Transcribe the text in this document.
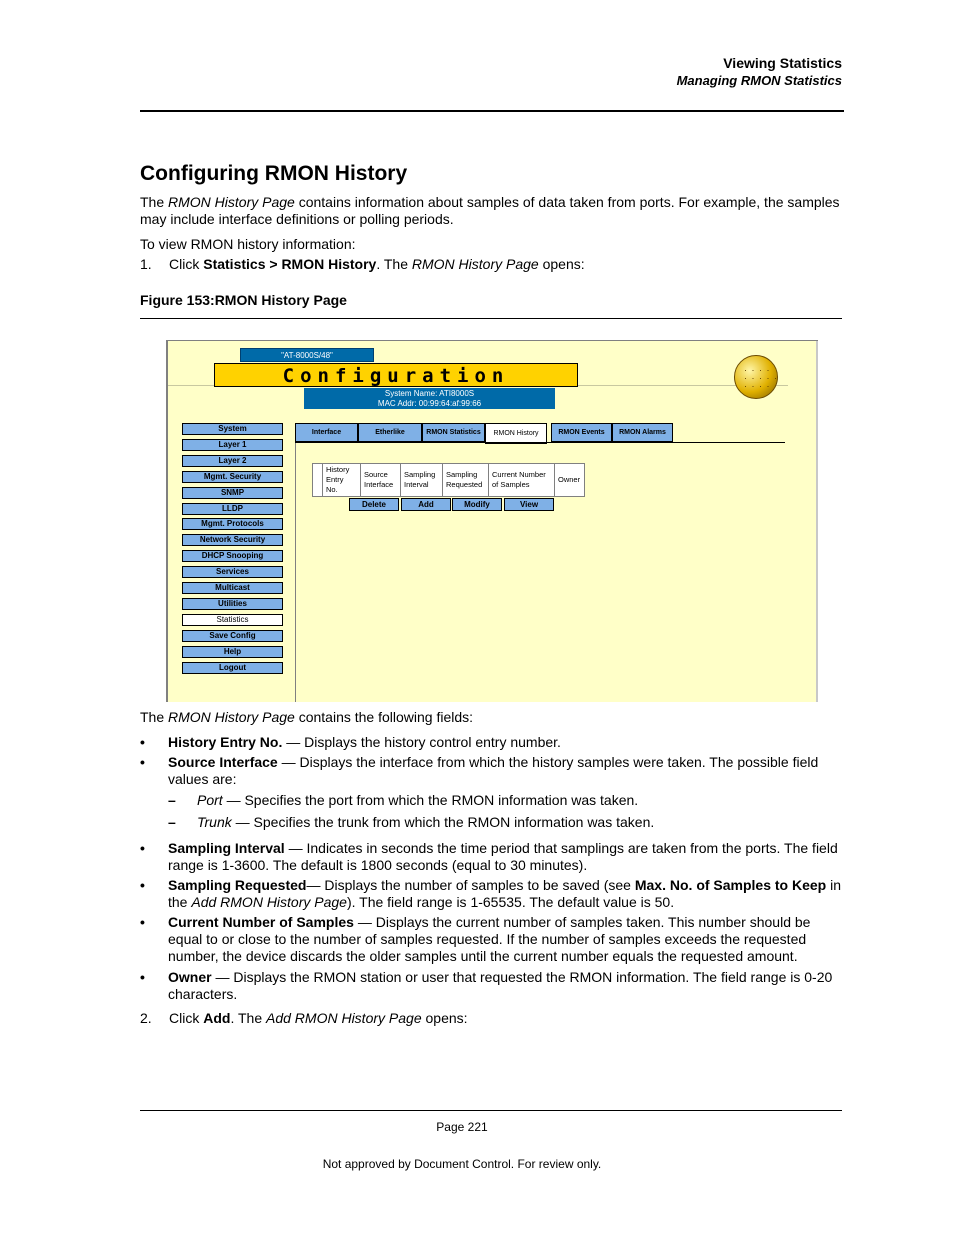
Viewing Statistics
Managing RMON Statistics
Configuring RMON History
The RMON History Page contains information about samples of data taken from ports. For example, the samples may include interface definitions or polling periods.
To view RMON history information:
1. Click Statistics > RMON History. The RMON History Page opens:
Figure 153:RMON History Page
"AT-8000S/48"
Configuration
System Name: ATI8000S
MAC Addr: 00:99:64:af:99:66
· · · ·
· · · · ·
· · · ·
System
Layer 1
Layer 2
Mgmt. Security
SNMP
LLDP
Mgmt. Protocols
Network Security
DHCP Snooping
Services
Multicast
Utilities
Statistics
Save Config
Help
Logout
Interface	Etherlike	RMON Statistics	RMON History	RMON Events	RMON Alarms
	History Entry No.	Source Interface	Sampling Interval	Sampling Requested	Current Number of Samples	Owner
Delete	Add	Modify	View
The RMON History Page contains the following fields:
• History Entry No. — Displays the history control entry number.
• Source Interface — Displays the interface from which the history samples were taken. The possible field values are:
– Port — Specifies the port from which the RMON information was taken.
– Trunk — Specifies the trunk from which the RMON information was taken.
• Sampling Interval — Indicates in seconds the time period that samplings are taken from the ports. The field range is 1-3600. The default is 1800 seconds (equal to 30 minutes).
• Sampling Requested— Displays the number of samples to be saved (see Max. No. of Samples to Keep in the Add RMON History Page). The field range is 1-65535. The default value is 50.
• Current Number of Samples — Displays the current number of samples taken. This number should be equal to or close to the number of samples requested. If the number of samples exceeds the requested number, the device discards the older samples until the current number equals the requested amount.
• Owner — Displays the RMON station or user that requested the RMON information. The field range is 0-20 characters.
2. Click Add. The Add RMON History Page opens:
Page 221
Not approved by Document Control. For review only.
